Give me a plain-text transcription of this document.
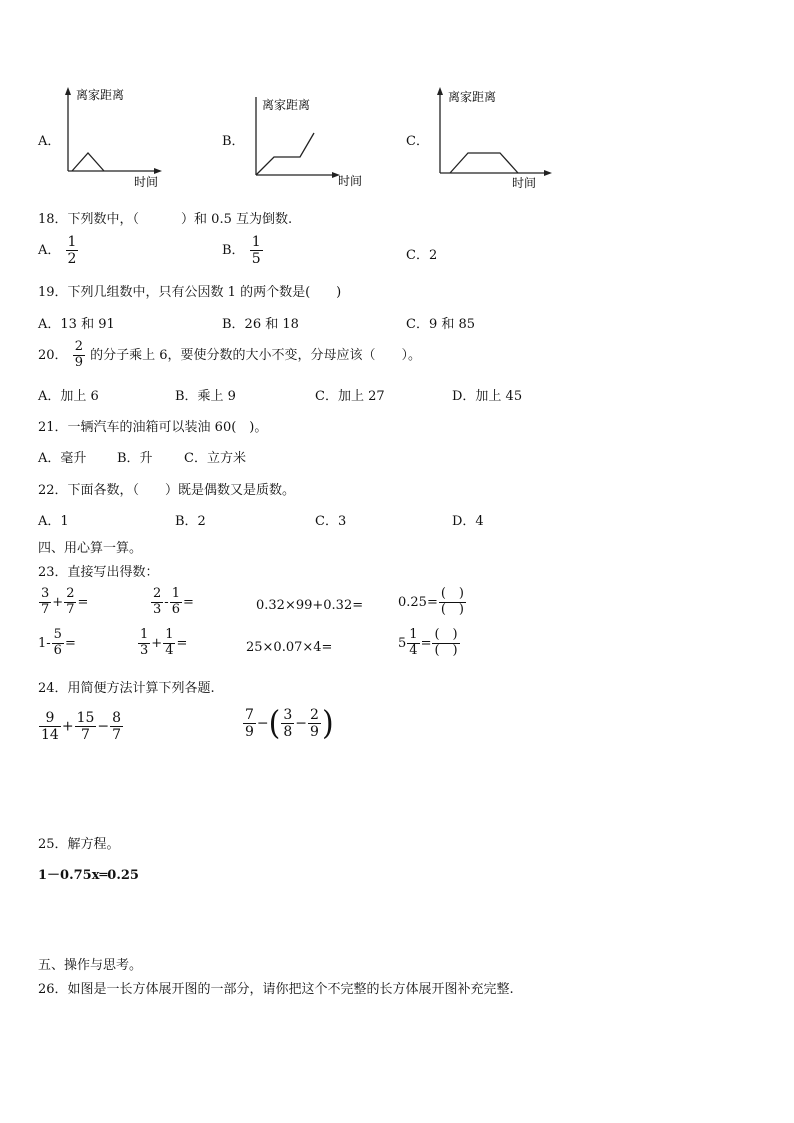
A．
离家距离
时间
B．
离家距离
时间
C．
离家距离
时间
18．下列数中，（	）和 0.5 互为倒数.
A． $\frac{1}{2}$	B． $\frac{1}{5}$	C．2
19．下列几组数中，只有公因数 1 的两个数是(　　)
A．13 和 91	B．26 和 18	C．9 和 85
20． $\frac{2}{9}$ 的分子乘上 6，要使分数的大小不变，分母应该（　　）。
A．加上 6	B．乘上 9	C．加上 27	D．加上 45
21．一辆汽车的油箱可以装油 60(　)。
A．毫升 B．升 C．立方米
22．下面各数，（　　）既是偶数又是质数。
A．1	B．2	C．3	D．4
四、用心算一算。
23．直接写出得数：
$\frac{3}{7} + \frac{2}{7}$ =	$\frac{2}{3} - \frac{1}{6}$ =	0.32×99+0.32=	$0.25= \frac{( )}{( )}$
$1- \frac{5}{6}$ =	$\frac{1}{3} + \frac{1}{4}$ =	25×0.07×4=	$5 \frac{1}{4} = \frac{( )}{( )}$
24．用简便方法计算下列各题.
$\frac{9}{14} + \frac{15}{7} - \frac{8}{7}$	$\frac{7}{9}$ −( $\frac{3}{8} - \frac{2}{9}$ )
25．解方程。
1－0.75x═0.25
五、操作与思考。
26．如图是一长方体展开图的一部分，请你把这个不完整的长方体展开图补充完整.
